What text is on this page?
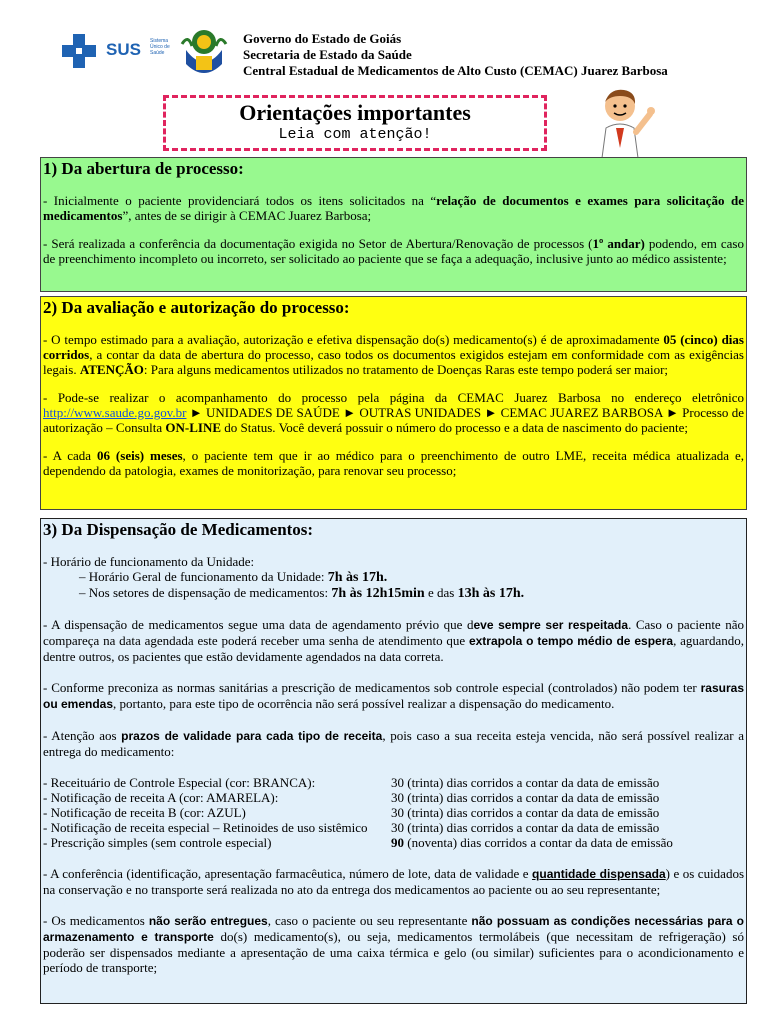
SUS Sistema Único de Saúde
Governo do Estado de Goiás
Secretaria de Estado da Saúde
Central Estadual de Medicamentos de Alto Custo (CEMAC) Juarez Barbosa
Orientações importantes
Leia com atenção!
1) Da abertura de processo:

- Inicialmente o paciente providenciará todos os itens solicitados na “relação de documentos e exames para solicitação de medicamentos”, antes de se dirigir à CEMAC Juarez Barbosa;

- Será realizada a conferência da documentação exigida no Setor de Abertura/Renovação de processos (1º andar) podendo, em caso de preenchimento incompleto ou incorreto, ser solicitado ao paciente que se faça a adequação, inclusive junto ao médico assistente;

2) Da avaliação e autorização do processo:

- O tempo estimado para a avaliação, autorização e efetiva dispensação do(s) medicamento(s) é de aproximadamente 05 (cinco) dias corridos, a contar da data de abertura do processo, caso todos os documentos exigidos estejam em conformidade com as exigências legais. ATENÇÃO: Para alguns medicamentos utilizados no tratamento de Doenças Raras este tempo poderá ser maior;

- Pode-se realizar o acompanhamento do processo pela página da CEMAC Juarez Barbosa no endereço eletrônico http://www.saude.go.gov.br ► UNIDADES DE SAÚDE ► OUTRAS UNIDADES ► CEMAC JUAREZ BARBOSA ► Processo de autorização – Consulta ON-LINE do Status. Você deverá possuir o número do processo e a data de nascimento do paciente;

- A cada 06 (seis) meses, o paciente tem que ir ao médico para o preenchimento de outro LME, receita médica atualizada e, dependendo da patologia, exames de monitorização, para renovar seu processo;

3) Da Dispensação de Medicamentos:

- Horário de funcionamento da Unidade:

– Horário Geral de funcionamento da Unidade: 7h às 17h.

– Nos setores de dispensação de medicamentos: 7h às 12h15min e das 13h às 17h.

- A dispensação de medicamentos segue uma data de agendamento prévio que deve sempre ser respeitada. Caso o paciente não compareça na data agendada este poderá receber uma senha de atendimento que extrapola o tempo médio de espera, aguardando, dentre outros, os pacientes que estão devidamente agendados na data correta.

- Conforme preconiza as normas sanitárias a prescrição de medicamentos sob controle especial (controlados) não podem ter rasuras ou emendas, portanto, para este tipo de ocorrência não será possível realizar a dispensação do medicamento.

- Atenção aos prazos de validade para cada tipo de receita, pois caso a sua receita esteja vencida, não será possível realizar a entrega do medicamento:

- Receituário de Controle Especial (cor: BRANCA):	30 (trinta) dias corridos a contar da data de emissão
- Notificação de receita A (cor: AMARELA):	30 (trinta) dias corridos a contar da data de emissão
- Notificação de receita B (cor: AZUL)	30 (trinta) dias corridos a contar da data de emissão
- Notificação de receita especial – Retinoides de uso sistêmico	30 (trinta) dias corridos a contar da data de emissão
- Prescrição simples (sem controle especial)	90 (noventa) dias corridos a contar da data de emissão

- A conferência (identificação, apresentação farmacêutica, número de lote, data de validade e quantidade dispensada) e os cuidados na conservação e no transporte será realizada no ato da entrega dos medicamentos ao paciente ou ao seu representante;

- Os medicamentos não serão entregues, caso o paciente ou seu representante não possuam as condições necessárias para o armazenamento e transporte do(s) medicamento(s), ou seja, medicamentos termolábeis (que necessitam de refrigeração) só poderão ser dispensados mediante a apresentação de uma caixa térmica e gelo (ou similar) suficientes para o acondicionamento e período de transporte;
